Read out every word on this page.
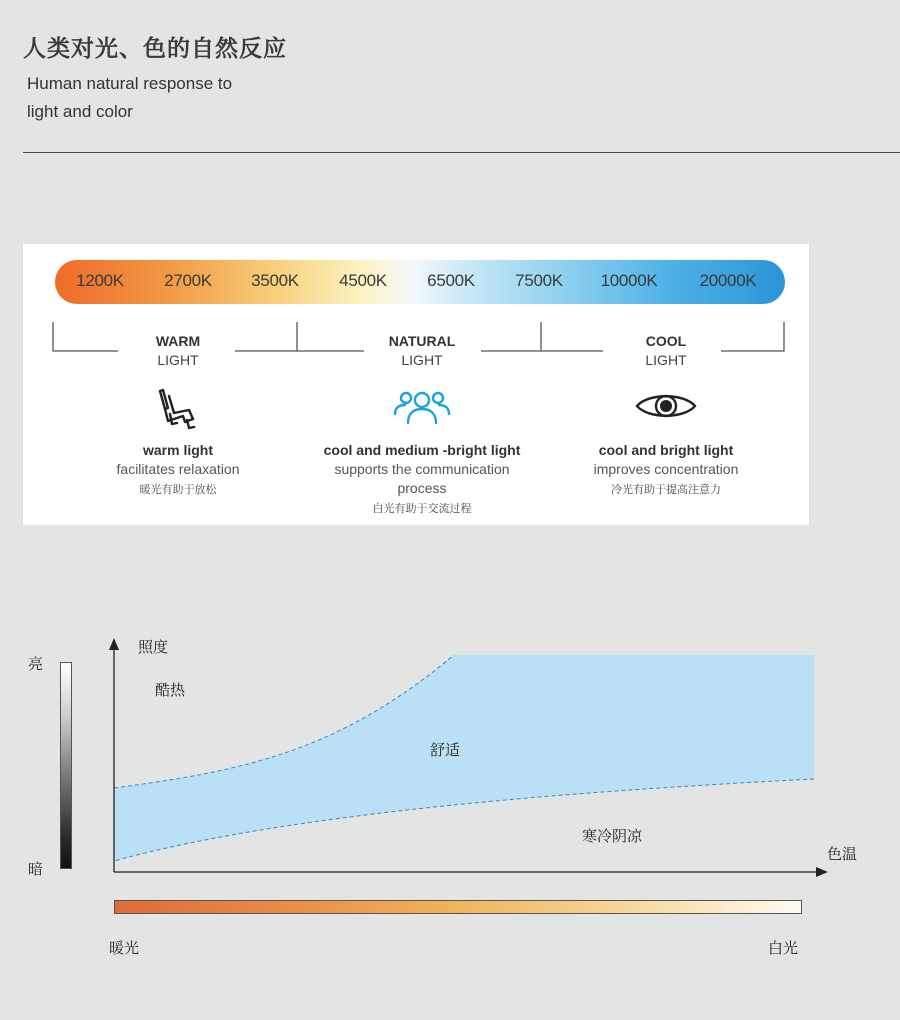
人类对光、色的自然反应
Human natural response to
light and color
1200K 2700K 3500K 4500K 6500K 7500K 10000K 20000K
WARM
LIGHT
NATURAL
LIGHT
COOL
LIGHT
warm light
facilitates relaxation
暖光有助于放松
cool and medium -bright light
supports the communication
process
白光有助于交流过程
cool and bright light
improves concentration
冷光有助于提高注意力
亮
暗
照度
色温
酷热
舒适
寒冷阴凉
暖光	白光
